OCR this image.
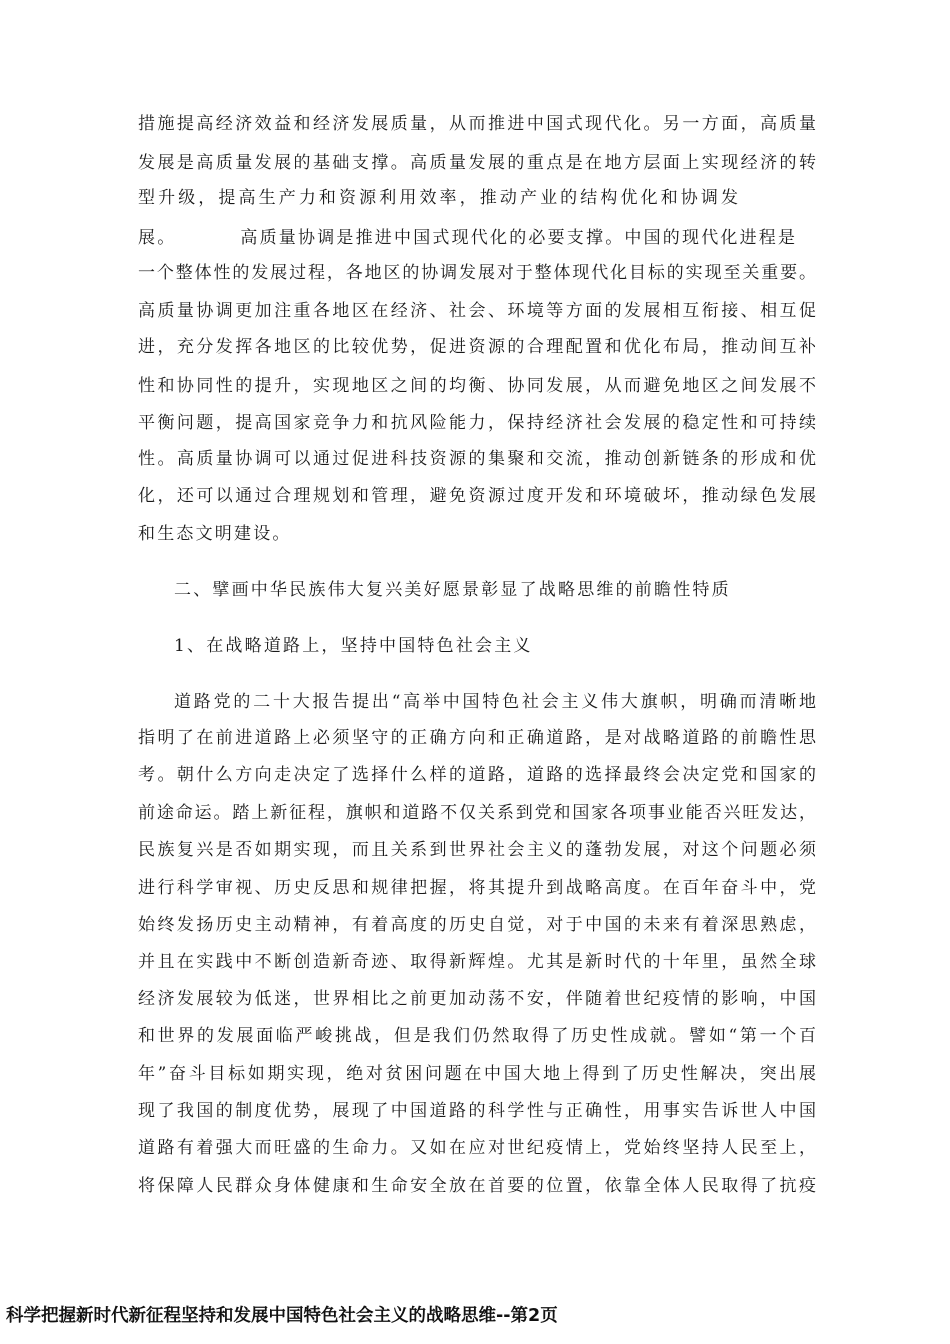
措施提高经济效益和经济发展质量，从而推进中国式现代化。另一方面，高质量
发展是高质量发展的基础支撑。高质量发展的重点是在地方层面上实现经济的转
型升级，提高生产力和资源利用效率，推动产业的结构优化和协调发
展。	高质量协调是推进中国式现代化的必要支撑。中国的现代化进程是
一个整体性的发展过程，各地区的协调发展对于整体现代化目标的实现至关重要。
高质量协调更加注重各地区在经济、社会、环境等方面的发展相互衔接、相互促
进，充分发挥各地区的比较优势，促进资源的合理配置和优化布局，推动间互补
性和协同性的提升，实现地区之间的均衡、协同发展，从而避免地区之间发展不
平衡问题，提高国家竞争力和抗风险能力，保持经济社会发展的稳定性和可持续
性。高质量协调可以通过促进科技资源的集聚和交流，推动创新链条的形成和优
化，还可以通过合理规划和管理，避免资源过度开发和环境破坏，推动绿色发展
和生态文明建设。
二、擘画中华民族伟大复兴美好愿景彰显了战略思维的前瞻性特质
1、在战略道路上，坚持中国特色社会主义
道路党的二十大报告提出“高举中国特色社会主义伟大旗帜，明确而清晰地
指明了在前进道路上必须坚守的正确方向和正确道路，是对战略道路的前瞻性思
考。朝什么方向走决定了选择什么样的道路，道路的选择最终会决定党和国家的
前途命运。踏上新征程，旗帜和道路不仅关系到党和国家各项事业能否兴旺发达，
民族复兴是否如期实现，而且关系到世界社会主义的蓬勃发展，对这个问题必须
进行科学审视、历史反思和规律把握，将其提升到战略高度。在百年奋斗中，党
始终发扬历史主动精神，有着高度的历史自觉，对于中国的未来有着深思熟虑，
并且在实践中不断创造新奇迹、取得新辉煌。尤其是新时代的十年里，虽然全球
经济发展较为低迷，世界相比之前更加动荡不安，伴随着世纪疫情的影响，中国
和世界的发展面临严峻挑战，但是我们仍然取得了历史性成就。譬如“第一个百
年”奋斗目标如期实现，绝对贫困问题在中国大地上得到了历史性解决，突出展
现了我国的制度优势，展现了中国道路的科学性与正确性，用事实告诉世人中国
道路有着强大而旺盛的生命力。又如在应对世纪疫情上，党始终坚持人民至上，
将保障人民群众身体健康和生命安全放在首要的位置，依靠全体人民取得了抗疫
科学把握新时代新征程坚持和发展中国特色社会主义的战略思维--第2页
